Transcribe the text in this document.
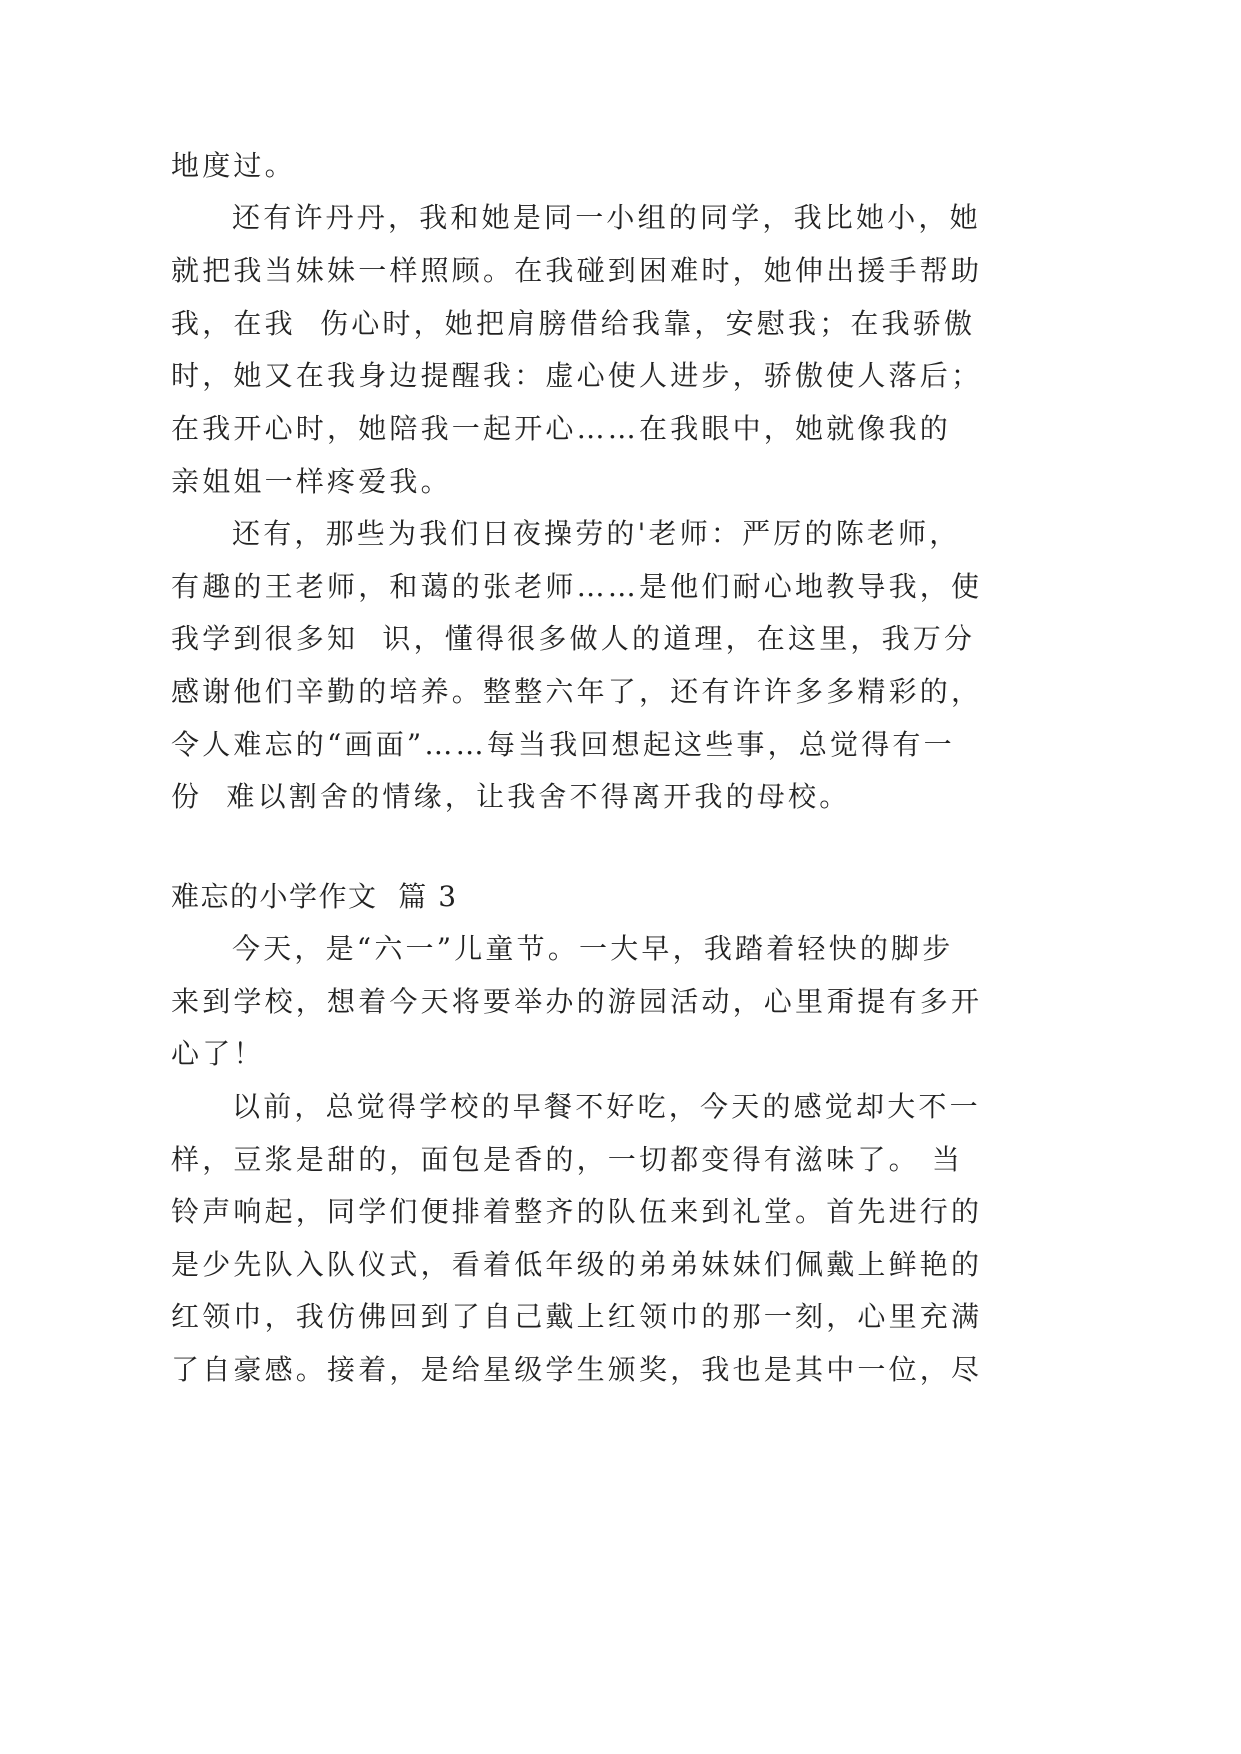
地度过。
还有许丹丹，我和她是同一小组的同学，我比她小，她
就把我当妹妹一样照顾。在我碰到困难时，她伸出援手帮助
我，在我  伤心时，她把肩膀借给我靠，安慰我；在我骄傲
时，她又在我身边提醒我：虚心使人进步，骄傲使人落后；
在我开心时，她陪我一起开心……在我眼中，她就像我的
亲姐姐一样疼爱我。
还有，那些为我们日夜操劳的'老师：严厉的陈老师，
有趣的王老师，和蔼的张老师……是他们耐心地教导我，使
我学到很多知  识，懂得很多做人的道理，在这里，我万分
感谢他们辛勤的培养。整整六年了，还有许许多多精彩的，
令人难忘的“画面”……每当我回想起这些事，总觉得有一
份  难以割舍的情缘，让我舍不得离开我的母校。
难忘的小学作文  篇 3
今天，是“六一”儿童节。一大早，我踏着轻快的脚步
来到学校，想着今天将要举办的游园活动，心里甭提有多开
心了！
以前，总觉得学校的早餐不好吃，今天的感觉却大不一
样，豆浆是甜的，面包是香的，一切都变得有滋味了。 当
铃声响起，同学们便排着整齐的队伍来到礼堂。首先进行的
是少先队入队仪式，看着低年级的弟弟妹妹们佩戴上鲜艳的
红领巾，我仿佛回到了自己戴上红领巾的那一刻，心里充满
了自豪感。接着，是给星级学生颁奖，我也是其中一位，尽
